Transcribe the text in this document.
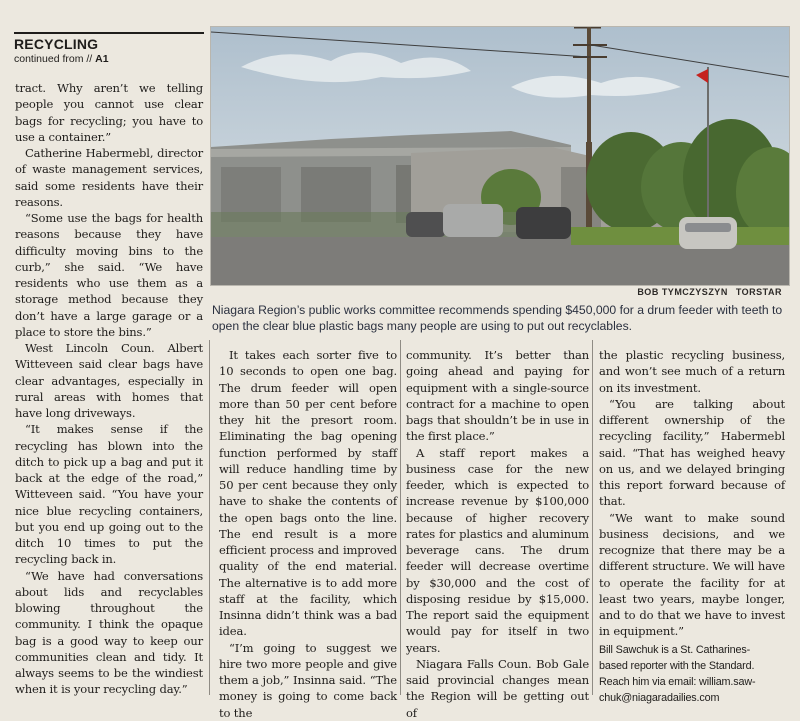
RECYCLING
continued from // A1

tract. Why aren’t we telling people you cannot use clear bags for recycling; you have to use a container.”

Catherine Habermebl, director of waste management services, said some residents have their reasons.

“Some use the bags for health reasons because they have difficulty moving bins to the curb,” she said. “We have residents who use them as a storage method because they don’t have a large garage or a place to store the bins.”

West Lincoln Coun. Albert Witteveen said clear bags have clear advantages, especially in rural areas with homes that have long driveways.

“It makes sense if the recycling has blown into the ditch to pick up a bag and put it back at the edge of the road,” Witteveen said. “You have your nice blue recycling containers, but you end up going out to the ditch 10 times to put the recycling back in.

“We have had conversations about lids and recyclables blowing throughout the community. I think the opaque bag is a good way to keep our communities clean and tidy. It always seems to be the windiest when it is your recycling day.”

BOB TYMCZYSZYN TORSTAR
Niagara Region’s public works committee recommends spending $450,000 for a drum feeder with teeth to open the clear blue plastic bags many people are using to put out recyclables.

It takes each sorter five to 10 seconds to open one bag. The drum feeder will open more than 50 per cent before they hit the presort room. Eliminating the bag opening function performed by staff will reduce handling time by 50 per cent because they only have to shake the contents of the open bags onto the line. The end result is a more efficient process and improved quality of the end material. The alternative is to add more staff at the facility, which Insinna didn’t think was a bad idea.

“I’m going to suggest we hire two more people and give them a job,” Insinna said. “The money is going to come back to the

community. It’s better than going ahead and paying for equipment with a single-source contract for a machine to open bags that shouldn’t be in use in the first place.”

A staff report makes a business case for the new feeder, which is expected to increase revenue by $100,000 because of higher recovery rates for plastics and aluminum beverage cans. The drum feeder will decrease overtime by $30,000 and the cost of disposing residue by $15,000. The report said the equipment would pay for itself in two years.

Niagara Falls Coun. Bob Gale said provincial changes mean the Region will be getting out of

the plastic recycling business, and won’t see much of a return on its investment.

“You are talking about different ownership of the recycling facility,” Habermebl said. “That has weighed heavy on us, and we delayed bringing this report forward because of that.

“We want to make sound business decisions, and we recognize that there may be a different structure. We will have to operate the facility for at least two years, maybe longer, and to do that we have to invest in equipment.”

Bill Sawchuk is a St. Catharines-
based reporter with the Standard.
Reach him via email: william.saw-
chuk@niagaradailies.com
